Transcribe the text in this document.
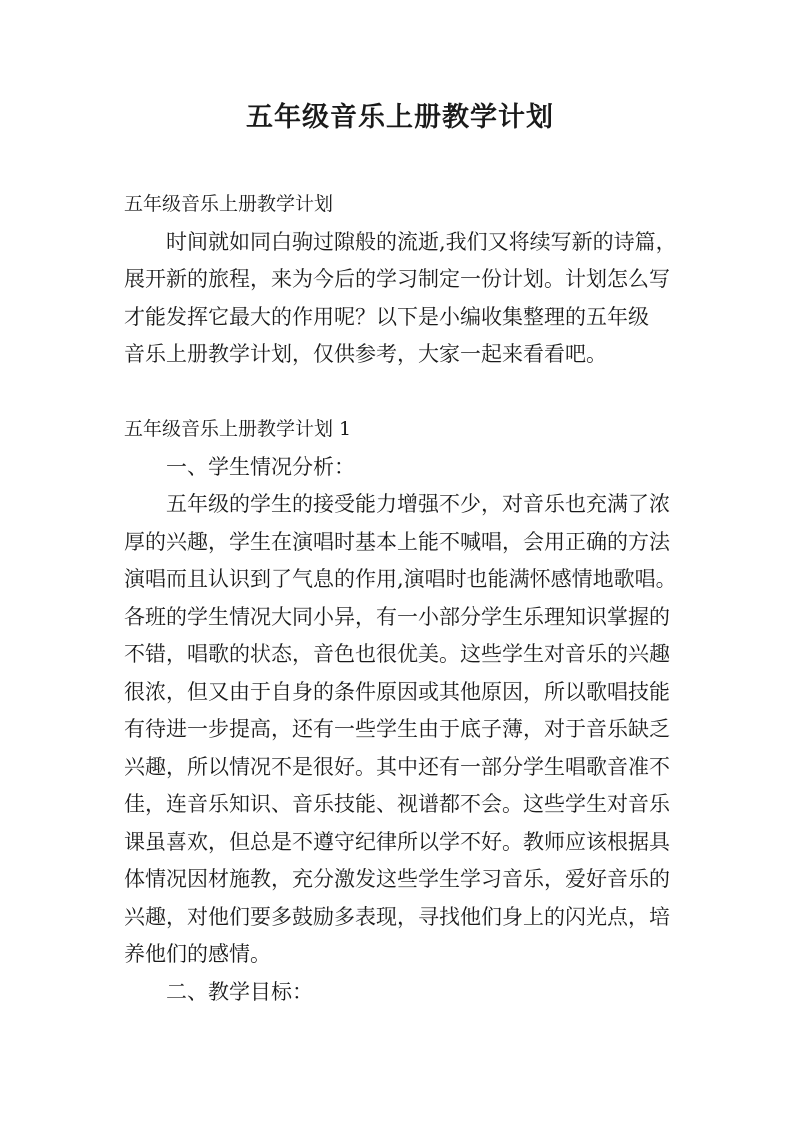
五年级音乐上册教学计划
五年级音乐上册教学计划
时间就如同白驹过隙般的流逝,我们又将续写新的诗篇，
展开新的旅程，来为今后的学习制定一份计划。计划怎么写
才能发挥它最大的作用呢？以下是小编收集整理的五年级
音乐上册教学计划，仅供参考，大家一起来看看吧。
五年级音乐上册教学计划 1
一、学生情况分析：
五年级的学生的接受能力增强不少，对音乐也充满了浓
厚的兴趣，学生在演唱时基本上能不喊唱，会用正确的方法
演唱而且认识到了气息的作用,演唱时也能满怀感情地歌唱。
各班的学生情况大同小异，有一小部分学生乐理知识掌握的
不错，唱歌的状态，音色也很优美。这些学生对音乐的兴趣
很浓，但又由于自身的条件原因或其他原因，所以歌唱技能
有待进一步提高，还有一些学生由于底子薄，对于音乐缺乏
兴趣，所以情况不是很好。其中还有一部分学生唱歌音准不
佳，连音乐知识、音乐技能、视谱都不会。这些学生对音乐
课虽喜欢，但总是不遵守纪律所以学不好。教师应该根据具
体情况因材施教，充分激发这些学生学习音乐，爱好音乐的
兴趣，对他们要多鼓励多表现，寻找他们身上的闪光点，培
养他们的感情。
二、教学目标：
